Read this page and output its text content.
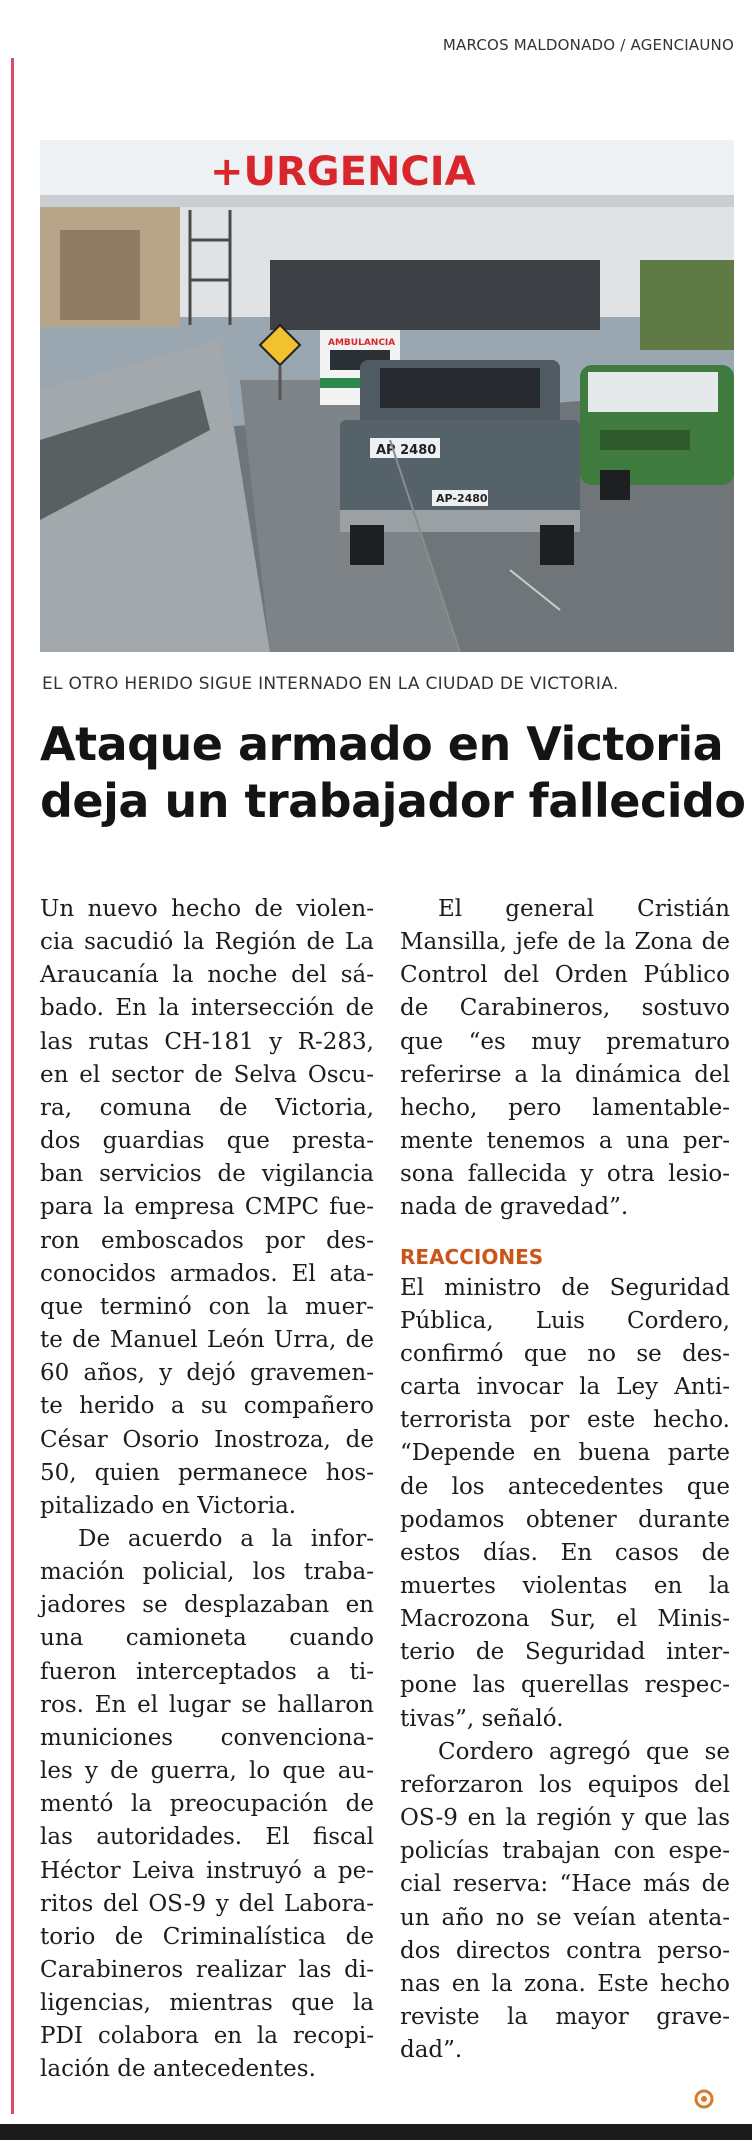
MARCOS MALDONADO / AGENCIAUNO
+URGENCIA
AMBULANCIA
AP 2480
AP-2480
EL OTRO HERIDO SIGUE INTERNADO EN LA CIUDAD DE VICTORIA.
Ataque armado en Victoria
deja un trabajador fallecido

Un nuevo hecho de violen-
cia sacudió la Región de La
Araucanía la noche del sá-
bado. En la intersección de
las rutas CH-181 y R-283,
en el sector de Selva Oscu-
ra, comuna de Victoria,
dos guardias que presta-
ban servicios de vigilancia
para la empresa CMPC fue-
ron emboscados por des-
conocidos armados. El ata-
que terminó con la muer-
te de Manuel León Urra, de
60 años, y dejó gravemen-
te herido a su compañero
César Osorio Inostroza, de
50, quien permanece hos-
pitalizado en Victoria.

De acuerdo a la infor-
mación policial, los traba-
jadores se desplazaban en
una camioneta cuando
fueron interceptados a ti-
ros. En el lugar se hallaron
municiones convenciona-
les y de guerra, lo que au-
mentó la preocupación de
las autoridades. El fiscal
Héctor Leiva instruyó a pe-
ritos del OS-9 y del Labora-
torio de Criminalística de
Carabineros realizar las di-
ligencias, mientras que la
PDI colabora en la recopi-
lación de antecedentes.

El general Cristián
Mansilla, jefe de la Zona de
Control del Orden Público
de Carabineros, sostuvo
que “es muy prematuro
referirse a la dinámica del
hecho, pero lamentable-
mente tenemos a una per-
sona fallecida y otra lesio-
nada de gravedad”.

REACCIONES

El ministro de Seguridad
Pública, Luis Cordero,
confirmó que no se des-
carta invocar la Ley Anti-
terrorista por este hecho.
“Depende en buena parte
de los antecedentes que
podamos obtener durante
estos días. En casos de
muertes violentas en la
Macrozona Sur, el Minis-
terio de Seguridad inter-
pone las querellas respec-
tivas”, señaló.

Cordero agregó que se
reforzaron los equipos del
OS-9 en la región y que las
policías trabajan con espe-
cial reserva: “Hace más de
un año no se veían atenta-
dos directos contra perso-
nas en la zona. Este hecho
reviste la mayor grave-
dad”.
